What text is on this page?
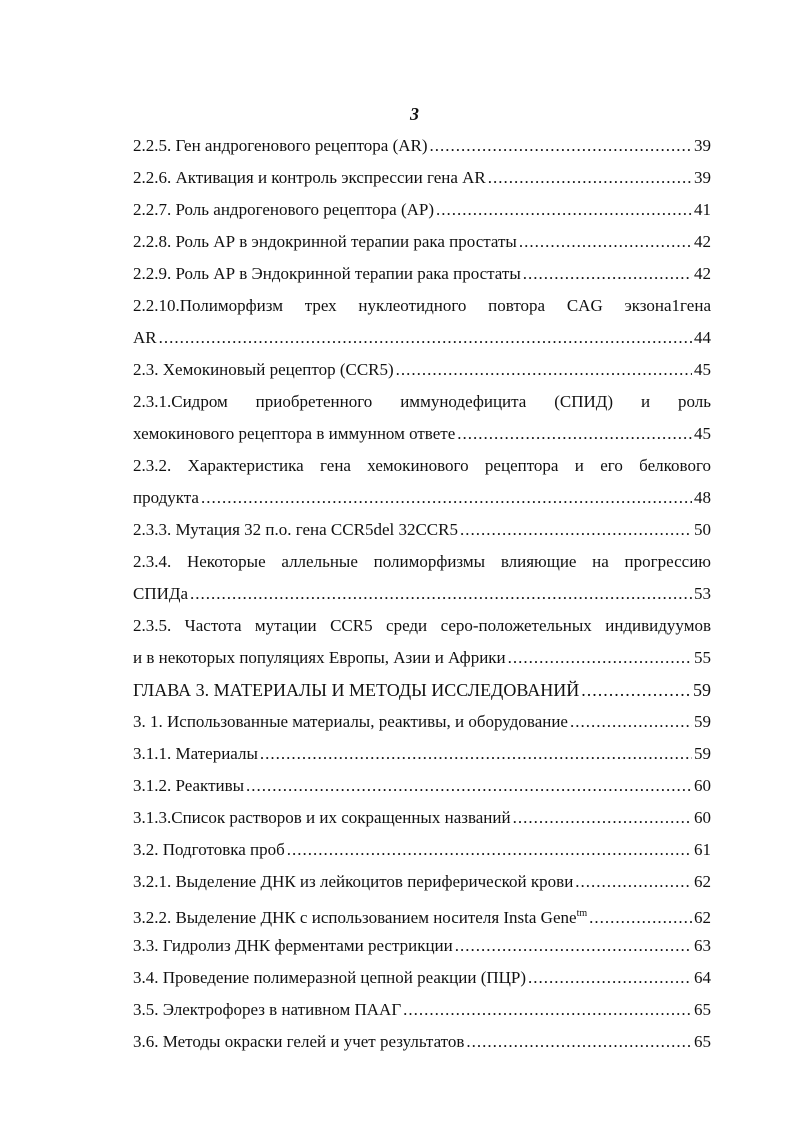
3
2.2.5. Ген андрогенового рецептора (AR) .....	39
2.2.6. Активация и контроль экспрессии гена AR .....	39
2.2.7. Роль андрогенового рецептора (АР) .....	41
2.2.8. Роль АР в эндокринной терапии рака простаты .....	42
2.2.9. Роль АР в Эндокринной терапии рака простаты .....	42
2.2.10.Полиморфизм трех нуклеотидного повтора CAG экзона1гена
AR .....	44
2.3. Хемокиновый рецептор (CCR5) .....	45
2.3.1.Сидром приобретенного иммунодефицита (СПИД) и роль
хемокинового рецептора в иммунном ответе .....	45
2.3.2. Характеристика гена хемокинового рецептора и его белкового
продукта .....	48
2.3.3. Мутация 32 п.о. гена CCR5del 32CCR5 .....	50
2.3.4. Некоторые аллельные полиморфизмы влияющие на прогрессию
СПИДа .....	53
2.3.5. Частота мутации CCR5 среди серо-положетельных индивидуумов
и в некоторых популяциях Европы, Азии и Африки .....	55
ГЛАВА 3. МАТЕРИАЛЫ И МЕТОДЫ ИССЛЕДОВАНИЙ .....	59
3. 1. Использованные материалы, реактивы, и оборудование .....	59
3.1.1. Материалы .....	59
3.1.2. Реактивы .....	60
3.1.3.Список растворов и их сокращенных названий .....	60
3.2. Подготовка проб .....	61
3.2.1. Выделение ДНК из лейкоцитов периферической крови .....	62
3.2.2. Выделение ДНК с использованием носителя Insta Gene$^{tm}$ .....	62
3.3. Гидролиз ДНК ферментами рестрикции .....	63
3.4. Проведение полимеразной цепной реакции (ПЦР) .....	64
3.5. Электрофорез в нативном ПААГ .....	65
3.6. Методы окраски гелей и учет результатов .....	65
